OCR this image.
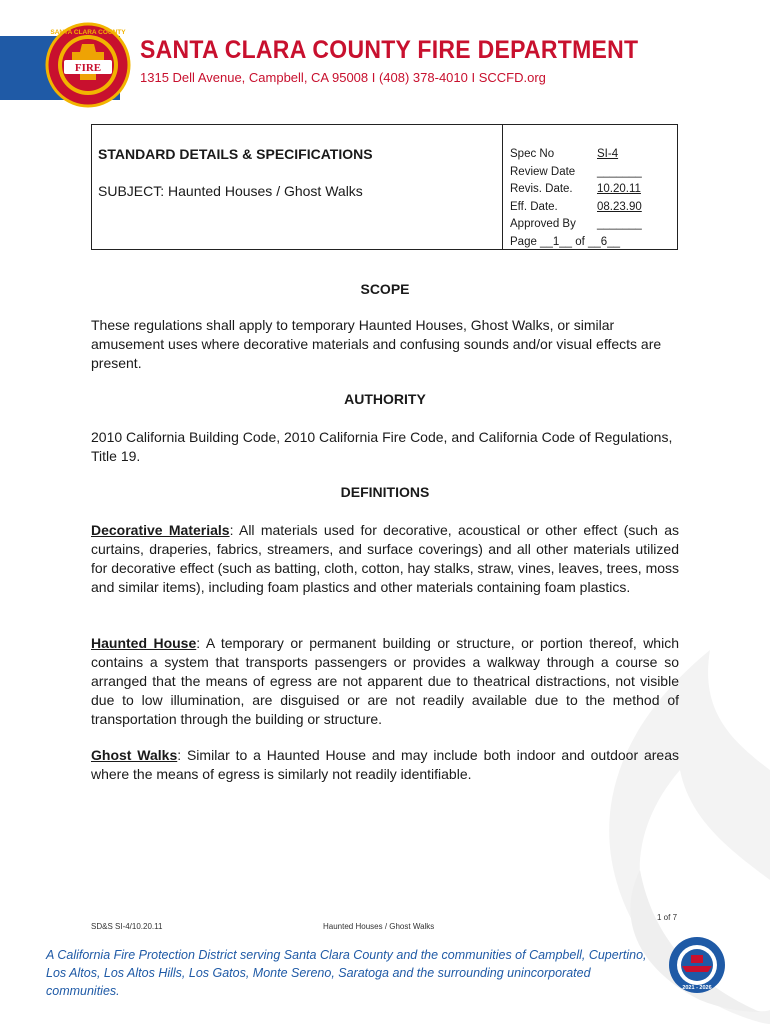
FIRE
SANTA CLARA COUNTY
SANTA CLARA COUNTY FIRE DEPARTMENT
1315 Dell Avenue, Campbell, CA 95008 I (408) 378-4010 I SCCFD.org
STANDARD DETAILS & SPECIFICATIONS
SUBJECT: Haunted Houses / Ghost Walks
Spec No	SI-4
Review Date _______
Revis. Date. 10.20.11
Eff. Date.	08.23.90
Approved By _______
Page __1__ of __6__
SCOPE
These regulations shall apply to temporary Haunted Houses, Ghost Walks, or similar amusement uses where decorative materials and confusing sounds and/or visual effects are present.
AUTHORITY
2010 California Building Code, 2010 California Fire Code, and California Code of Regulations, Title 19.
DEFINITIONS
Decorative Materials: All materials used for decorative, acoustical or other effect (such as curtains, draperies, fabrics, streamers, and surface coverings) and all other materials utilized for decorative effect (such as batting, cloth, cotton, hay stalks, straw, vines, leaves, trees, moss and similar items), including foam plastics and other materials containing foam plastics.
Haunted House: A temporary or permanent building or structure, or portion thereof, which contains a system that transports passengers or provides a walkway through a course so arranged that the means of egress are not apparent due to theatrical distractions, not visible due to low illumination, are disguised or are not readily available due to the method of transportation through the building or structure.
Ghost Walks: Similar to a Haunted House and may include both indoor and outdoor areas where the means of egress is similarly not readily identifiable.
SD&S SI-4/10.20.11	Haunted Houses / Ghost Walks
1 of 7
A California Fire Protection District serving Santa Clara County and the communities of Campbell, Cupertino, Los Altos, Los Altos Hills, Los Gatos, Monte Sereno, Saratoga and the surrounding unincorporated communities.	2021 - 2026
